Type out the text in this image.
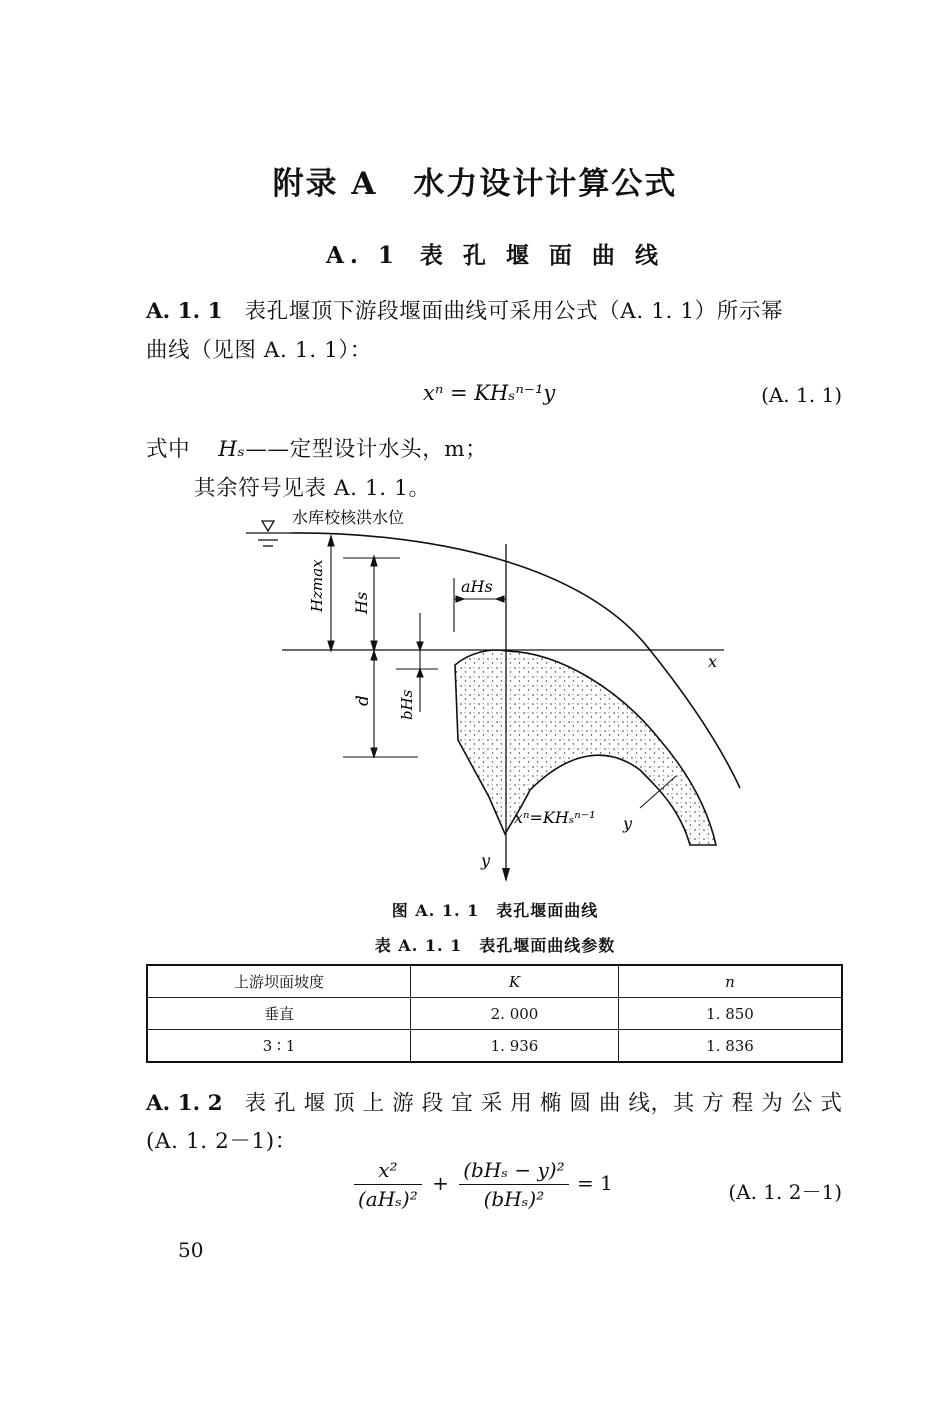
附录 A 水力设计计算公式
A. 1 表 孔 堰 面 曲 线
A. 1. 1 表孔堰顶下游段堰面曲线可采用公式（A. 1. 1）所示幂
曲线（见图 A. 1. 1）：
xⁿ = KHₛⁿ⁻¹y	(A. 1. 1)
式中 Hₛ——定型设计水头，m；
其余符号见表 A. 1. 1。
水库校核洪水位
x
y
Hzmax Hs
aHs
bHs
d
xⁿ=KHₛⁿ⁻¹ y
图 A. 1. 1　表孔堰面曲线
表 A. 1. 1　表孔堰面曲线参数
上游坝面坡度	K	n
垂直	2. 000	1. 850
3 ∶ 1	1. 936	1. 836
A. 1. 2 表 孔 堰 顶 上 游 段 宜 采 用 椭 圆 曲 线，其 方 程 为 公 式
(A. 1. 2－1)：
$\frac{\text{x²}}{\text{(aHₛ)²}} + \frac{\text{(bHₛ − y)²}}{\text{(bHₛ)²}} = 1$	(A. 1. 2－1)
50
